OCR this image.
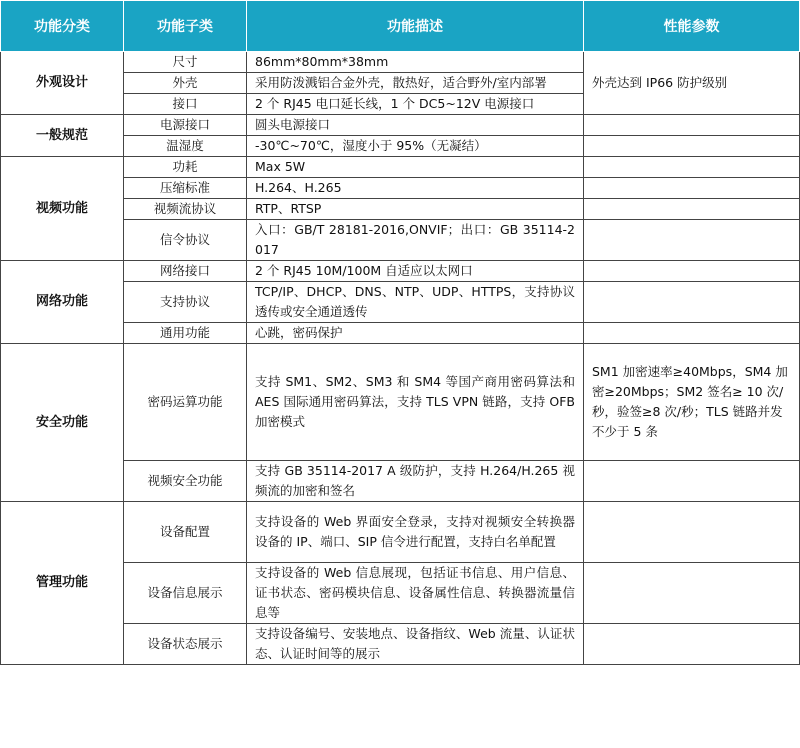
功能分类	功能子类	功能描述	性能参数
外观设计	尺寸	86mm*80mm*38mm	外壳达到 IP66 防护级别
	外壳	采用防泼溅铝合金外壳，散热好，适合野外/室内部署	
	接口	2 个 RJ45 电口延长线，1 个 DC5~12V 电源接口	
一般规范	电源接口	圆头电源接口	
	温湿度	-30℃~70℃，湿度小于 95%（无凝结）	
视频功能	功耗	Max 5W	
	压缩标准	H.264、H.265	
	视频流协议	RTP、RTSP	
	信令协议	入口：GB/T 28181-2016,ONVIF；出口：GB 35114-2017	
网络功能	网络接口	2 个 RJ45 10M/100M 自适应以太网口	
	支持协议	TCP/IP、DHCP、DNS、NTP、UDP、HTTPS，支持协议透传或安全通道透传	
	通用功能	心跳，密码保护	
安全功能	密码运算功能	支持 SM1、SM2、SM3 和 SM4 等国产商用密码算法和 AES 国际通用密码算法，支持 TLS VPN 链路，支持 OFB 加密模式	SM1 加密速率≥40Mbps，SM4 加密≥20Mbps；SM2 签名≥ 10 次/秒，验签≥8 次/秒；TLS 链路并发不少于 5 条
	视频安全功能	支持 GB 35114-2017 A 级防护，支持 H.264/H.265 视频流的加密和签名	
管理功能	设备配置	支持设备的 Web 界面安全登录，支持对视频安全转换器设备的 IP、端口、SIP 信令进行配置，支持白名单配置	
	设备信息展示	支持设备的 Web 信息展现，包括证书信息、用户信息、证书状态、密码模块信息、设备属性信息、转换器流量信息等	
	设备状态展示	支持设备编号、安装地点、设备指纹、Web 流量、认证状态、认证时间等的展示	
